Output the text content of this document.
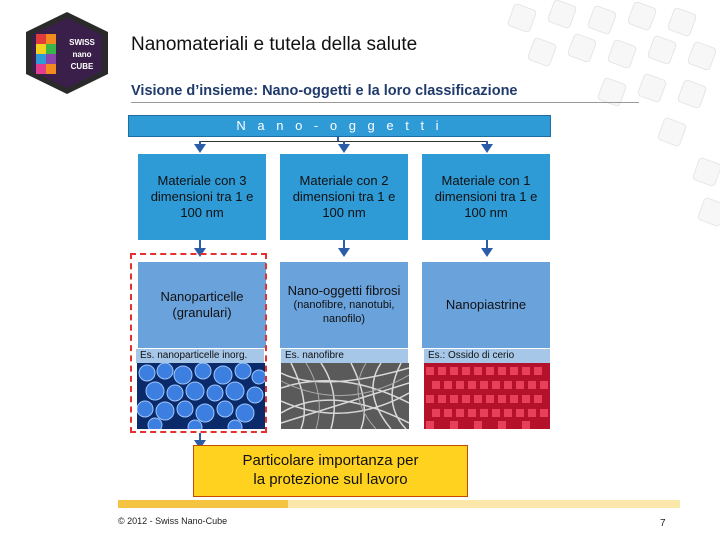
SWISS
nano
CUBE
Nanomateriali e tutela della salute
Visione d’insieme: Nano-oggetti e la loro classificazione
N a n o - o g g e t t i
Materiale con 3 dimensioni tra 1 e 100 nm
Materiale con 2 dimensioni tra 1 e 100 nm
Materiale con 1 dimensioni tra 1 e 100 nm
Nanoparticelle (granulari)
Nano-oggetti fibrosi
(nanofibre, nanotubi, nanofilo)
Nanopiastrine
Es. nanoparticelle inorg.	Es. nanofibre	Es.: Ossido di cerio
Particolare importanza per
la protezione sul lavoro
© 2012 - Swiss Nano-Cube	7
